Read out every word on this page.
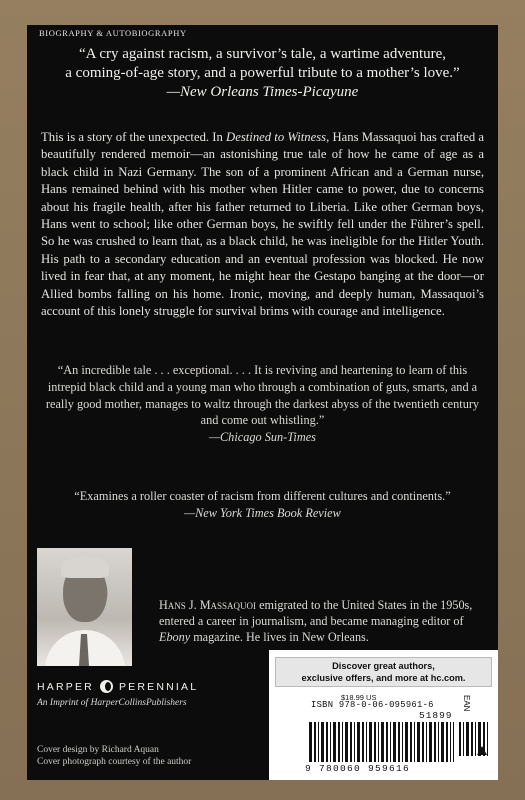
BIOGRAPHY & AUTOBIOGRAPHY
“A cry against racism, a survivor’s tale, a wartime adventure,
a coming-of-age story, and a powerful tribute to a mother’s love.”
—New Orleans Times-Picayune

This is a story of the unexpected. In Destined to Witness, Hans Massaquoi has crafted a beautifully rendered memoir—an astonishing true tale of how he came of age as a black child in Nazi Germany. The son of a prominent African and a German nurse, Hans remained behind with his mother when Hitler came to power, due to concerns about his fragile health, after his father returned to Liberia. Like other German boys, Hans went to school; like other German boys, he swiftly fell under the Führer’s spell. So he was crushed to learn that, as a black child, he was ineligible for the Hitler Youth. His path to a secondary education and an eventual profession was blocked. He now lived in fear that, at any moment, he might hear the Gestapo banging at the door—or Allied bombs falling on his home. Ironic, moving, and deeply human, Massaquoi’s account of this lonely struggle for survival brims with courage and intelligence.

“An incredible tale . . . exceptional. . . . It is reviving and heartening to learn of this intrepid black child and a young man who through a combination of guts, smarts, and a really good mother, manages to waltz through the darkest abyss of the twentieth century and come out whistling.”
—Chicago Sun-Times
“Examines a roller coaster of racism from different cultures and continents.”
—New York Times Book Review

Hans J. Massaquoi emigrated to the United States in the 1950s, entered a career in journalism, and became managing editor of Ebony magazine. He lives in New Orleans.

HARPER PERENNIAL
An Imprint of HarperCollinsPublishers
Cover design by Richard Aquan
Cover photograph courtesy of the author
Discover great authors,
exclusive offers, and more at hc.com.
$18.99 US
ISBN 978-0-06-095961-6
51899
EAN
9 780060 959616
